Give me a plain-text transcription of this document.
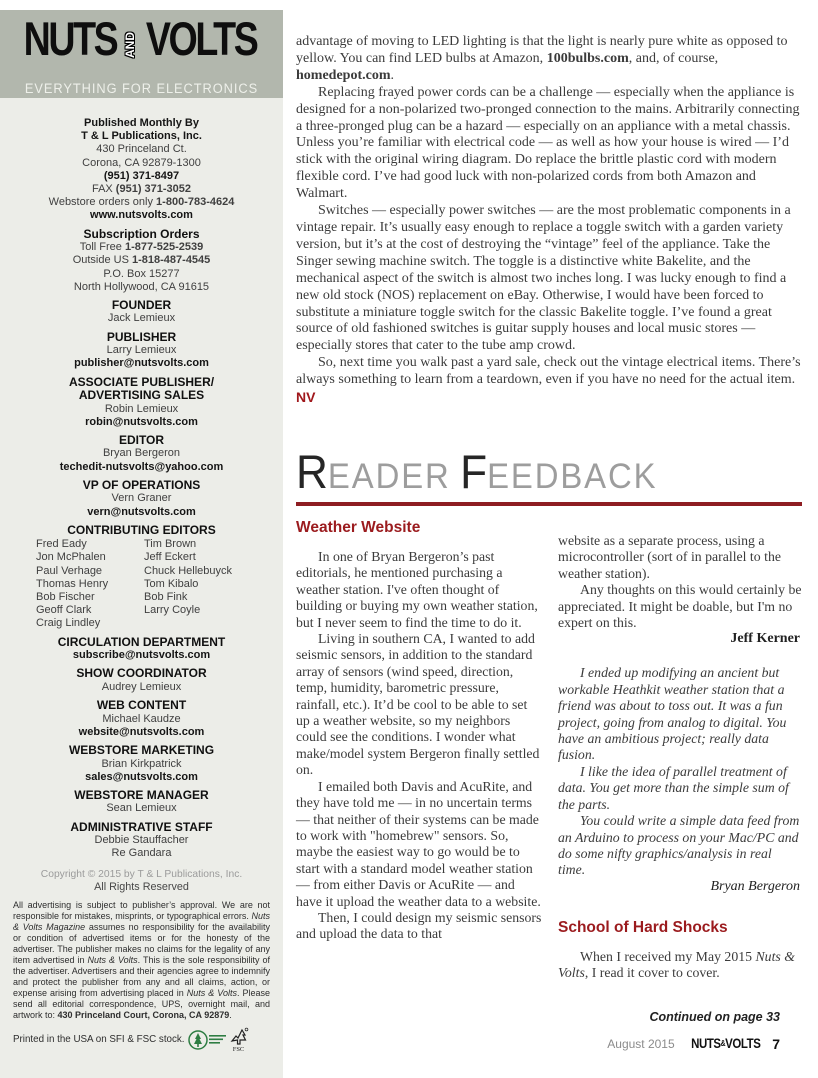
NUTS AND VOLTS
EVERYTHING FOR ELECTRONICS
Published Monthly By
T & L Publications, Inc.
430 Princeland Ct.
Corona, CA 92879-1300
(951) 371-8497
FAX (951) 371-3052
Webstore orders only 1-800-783-4624
www.nutsvolts.com
Subscription Orders
Toll Free 1-877-525-2539
Outside US 1-818-487-4545
P.O. Box 15277
North Hollywood, CA 91615
FOUNDER
Jack Lemieux
PUBLISHER
Larry Lemieux
publisher@nutsvolts.com
ASSOCIATE PUBLISHER/
ADVERTISING SALES
Robin Lemieux
robin@nutsvolts.com
EDITOR
Bryan Bergeron
techedit-nutsvolts@yahoo.com
VP OF OPERATIONS
Vern Graner
vern@nutsvolts.com
CONTRIBUTING EDITORS
Fred Eady
Jon McPhalen
Paul Verhage
Thomas Henry
Bob Fischer
Geoff Clark
Craig Lindley
Tim Brown
Jeff Eckert
Chuck Hellebuyck
Tom Kibalo
Bob Fink
Larry Coyle
CIRCULATION DEPARTMENT
subscribe@nutsvolts.com
SHOW COORDINATOR
Audrey Lemieux
WEB CONTENT
Michael Kaudze
website@nutsvolts.com
WEBSTORE MARKETING
Brian Kirkpatrick
sales@nutsvolts.com
WEBSTORE MANAGER
Sean Lemieux
ADMINISTRATIVE STAFF
Debbie Stauffacher
Re Gandara
Copyright © 2015 by T & L Publications, Inc.
All Rights Reserved
All advertising is subject to publisher’s approval. We are not responsible for mistakes, misprints, or typographical errors. Nuts & Volts Magazine assumes no responsibility for the availability or condition of advertised items or for the honesty of the advertiser. The publisher makes no claims for the legality of any item advertised in Nuts & Volts. This is the sole responsibility of the advertiser. Advertisers and their agencies agree to indemnify and protect the publisher from any and all claims, action, or expense arising from advertising placed in Nuts & Volts. Please send all editorial correspondence, UPS, overnight mail, and artwork to: 430 Princeland Court, Corona, CA 92879.
Printed in the USA on SFI & FSC stock.
FSC

advantage of moving to LED lighting is that the light is nearly pure white as opposed to yellow. You can find LED bulbs at Amazon, 100bulbs.com, and, of course, homedepot.com.

Replacing frayed power cords can be a challenge — especially when the appliance is designed for a non-polarized two-pronged connection to the mains. Arbitrarily connecting a three-pronged plug can be a hazard — especially on an appliance with a metal chassis. Unless you’re familiar with electrical code — as well as how your house is wired — I’d stick with the original wiring diagram. Do replace the brittle plastic cord with modern flexible cord. I’ve had good luck with non-polarized cords from both Amazon and Walmart.

Switches — especially power switches — are the most problematic components in a vintage repair. It’s usually easy enough to replace a toggle switch with a garden variety version, but it’s at the cost of destroying the “vintage” feel of the appliance. Take the Singer sewing machine switch. The toggle is a distinctive white Bakelite, and the mechanical aspect of the switch is almost two inches long. I was lucky enough to find a new old stock (NOS) replacement on eBay. Otherwise, I would have been forced to substitute a miniature toggle switch for the classic Bakelite toggle. I’ve found a great source of old fashioned switches is guitar supply houses and local music stores — especially stores that cater to the tube amp crowd.

So, next time you walk past a yard sale, check out the vintage electrical items. There’s always something to learn from a teardown, even if you have no need for the actual item. NV

READER FEEDBACK
Weather Website

In one of Bryan Bergeron’s past editorials, he mentioned purchasing a weather station. I've often thought of building or buying my own weather station, but I never seem to find the time to do it.

Living in southern CA, I wanted to add seismic sensors, in addition to the standard array of sensors (wind speed, direction, temp, humidity, barometric pressure, rainfall, etc.). It’d be cool to be able to set up a weather website, so my neighbors could see the conditions. I wonder what make/model system Bergeron finally settled on.

I emailed both Davis and AcuRite, and they have told me — in no uncertain terms — that neither of their systems can be made to work with "homebrew" sensors. So, maybe the easiest way to go would be to start with a standard model weather station — from either Davis or AcuRite — and have it upload the weather data to a website.

Then, I could design my seismic sensors and upload the data to that

website as a separate process, using a microcontroller (sort of in parallel to the weather station).

Any thoughts on this would certainly be appreciated. It might be doable, but I'm no expert on this.

Jeff Kerner

I ended up modifying an ancient but workable Heathkit weather station that a friend was about to toss out. It was a fun project, going from analog to digital. You have an ambitious project; really data fusion.

I like the idea of parallel treatment of data. You get more than the simple sum of the parts.

You could write a simple data feed from an Arduino to process on your Mac/PC and do some nifty graphics/analysis in real time.

Bryan Bergeron
School of Hard Shocks

When I received my May 2015 Nuts & Volts, I read it cover to cover.

Continued on page 33
August 2015 NUTS&VOLTS 7
